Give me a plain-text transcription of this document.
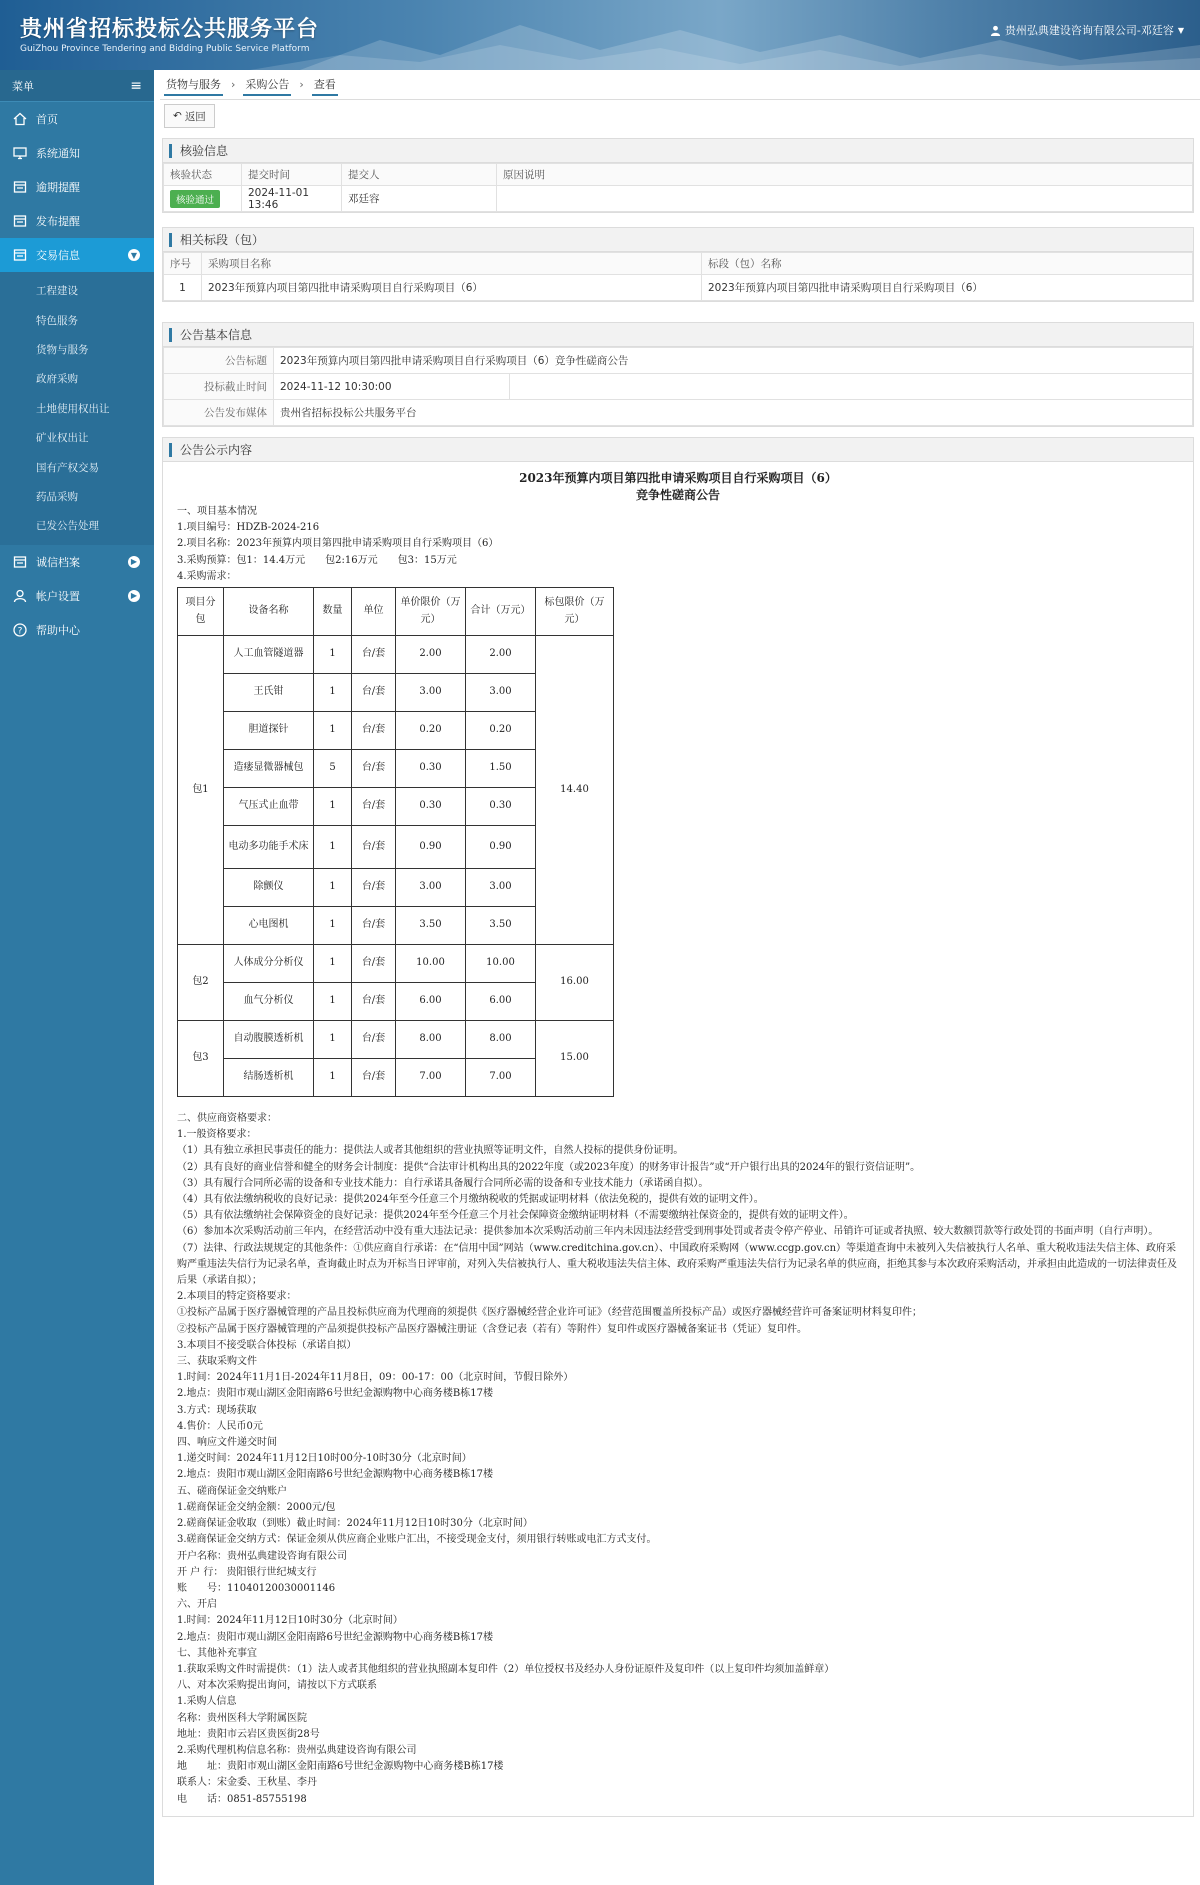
贵州省招标投标公共服务平台
GuiZhou Province Tendering and Bidding Public Service Platform
贵州弘典建设咨询有限公司-邓廷容 ▼
菜单	≡
首页
系统通知
逾期提醒
发布提醒
交易信息	▼
工程建设
特色服务
货物与服务
政府采购
土地使用权出让
矿业权出让
国有产权交易
药品采购
已发公告处理
诚信档案	▶
帐户设置	▶
? 帮助中心
货物与服务 › 采购公告 › 查看
↶ 返回
核验信息
核验状态	提交时间	提交人	原因说明
核验通过	2024-11-01 13:46	邓廷容	
相关标段（包）
序号	采购项目名称	标段（包）名称
1	2023年预算内项目第四批申请采购项目自行采购项目（6）	2023年预算内项目第四批申请采购项目自行采购项目（6）
公告基本信息
公告标题	2023年预算内项目第四批申请采购项目自行采购项目（6）竞争性磋商公告	
投标截止时间	2024-11-12 10:30:00	
公告发布媒体	贵州省招标投标公共服务平台	
公告公示内容
2023年预算内项目第四批申请采购项目自行采购项目（6）
竞争性磋商公告
一、项目基本情况
1.项目编号：HDZB-2024-216
2.项目名称：2023年预算内项目第四批申请采购项目自行采购项目（6）
3.采购预算：包1：14.4万元　　包2:16万元　　包3：15万元
4.采购需求：
项目分包	设备名称	数量	单位	单价限价（万元）	合计（万元）	标包限价（万元）
包1	人工血管隧道器	1	台/套	2.00	2.00	14.40
	王氏钳	1	台/套	3.00	3.00	
	胆道探针	1	台/套	0.20	0.20	
	造瘘显微器械包	5	台/套	0.30	1.50	
	气压式止血带	1	台/套	0.30	0.30	
	电动多功能手术床	1	台/套	0.90	0.90	
	除颤仪	1	台/套	3.00	3.00	
	心电图机	1	台/套	3.50	3.50	
包2	人体成分分析仪	1	台/套	10.00	10.00	16.00
	血气分析仪	1	台/套	6.00	6.00	
包3	自动腹膜透析机	1	台/套	8.00	8.00	15.00
	结肠透析机	1	台/套	7.00	7.00	
二、供应商资格要求：
1.一般资格要求：
（1）具有独立承担民事责任的能力：提供法人或者其他组织的营业执照等证明文件，自然人投标的提供身份证明。
（2）具有良好的商业信誉和健全的财务会计制度：提供“合法审计机构出具的2022年度（或2023年度）的财务审计报告”或“开户银行出具的2024年的银行资信证明”。
（3）具有履行合同所必需的设备和专业技术能力：自行承诺具备履行合同所必需的设备和专业技术能力（承诺函自拟）。
（4）具有依法缴纳税收的良好记录：提供2024年至今任意三个月缴纳税收的凭据或证明材料（依法免税的，提供有效的证明文件）。
（5）具有依法缴纳社会保障资金的良好记录：提供2024年至今任意三个月社会保障资金缴纳证明材料（不需要缴纳社保资金的，提供有效的证明文件）。
（6）参加本次采购活动前三年内，在经营活动中没有重大违法记录：提供参加本次采购活动前三年内未因违法经营受到刑事处罚或者责令停产停业、吊销许可证或者执照、较大数额罚款等行政处罚的书面声明（自行声明）。
（7）法律、行政法规规定的其他条件：①供应商自行承诺：在“信用中国”网站（www.creditchina.gov.cn）、中国政府采购网（www.ccgp.gov.cn）等渠道查询中未被列入失信被执行人名单、重大税收违法失信主体、政府采购严重违法失信行为记录名单，查询截止时点为开标当日评审前，对列入失信被执行人、重大税收违法失信主体、政府采购严重违法失信行为记录名单的供应商，拒绝其参与本次政府采购活动，并承担由此造成的一切法律责任及后果（承诺自拟）；
2.本项目的特定资格要求：
①投标产品属于医疗器械管理的产品且投标供应商为代理商的须提供《医疗器械经营企业许可证》（经营范围覆盖所投标产品）或医疗器械经营许可备案证明材料复印件；
②投标产品属于医疗器械管理的产品须提供投标产品医疗器械注册证（含登记表（若有）等附件）复印件或医疗器械备案证书（凭证）复印件。
3.本项目不接受联合体投标（承诺自拟）
三、获取采购文件
1.时间：2024年11月1日-2024年11月8日，09：00-17：00（北京时间，节假日除外）
2.地点：贵阳市观山湖区金阳南路6号世纪金源购物中心商务楼B栋17楼
3.方式：现场获取
4.售价：人民币0元
四、响应文件递交时间
1.递交时间：2024年11月12日10时00分-10时30分（北京时间）
2.地点：贵阳市观山湖区金阳南路6号世纪金源购物中心商务楼B栋17楼
五、磋商保证金交纳账户
1.磋商保证金交纳金额：2000元/包
2.磋商保证金收取（到账）截止时间：2024年11月12日10时30分（北京时间）
3.磋商保证金交纳方式：保证金须从供应商企业账户汇出，不接受现金支付，须用银行转账或电汇方式支付。
开户名称：贵州弘典建设咨询有限公司
开 户 行： 贵阳银行世纪城支行
账　　号：11040120030001146
六、开启
1.时间：2024年11月12日10时30分（北京时间）
2.地点：贵阳市观山湖区金阳南路6号世纪金源购物中心商务楼B栋17楼
七、其他补充事宜
1.获取采购文件时需提供：（1）法人或者其他组织的营业执照副本复印件（2）单位授权书及经办人身份证原件及复印件（以上复印件均须加盖鲜章）
八、对本次采购提出询问，请按以下方式联系
1.采购人信息
名称：贵州医科大学附属医院
地址：贵阳市云岩区贵医街28号
2.采购代理机构信息名称：贵州弘典建设咨询有限公司
地　　址：贵阳市观山湖区金阳南路6号世纪金源购物中心商务楼B栋17楼
联系人：宋金委、王秋星、李丹
电　　话：0851-85755198
